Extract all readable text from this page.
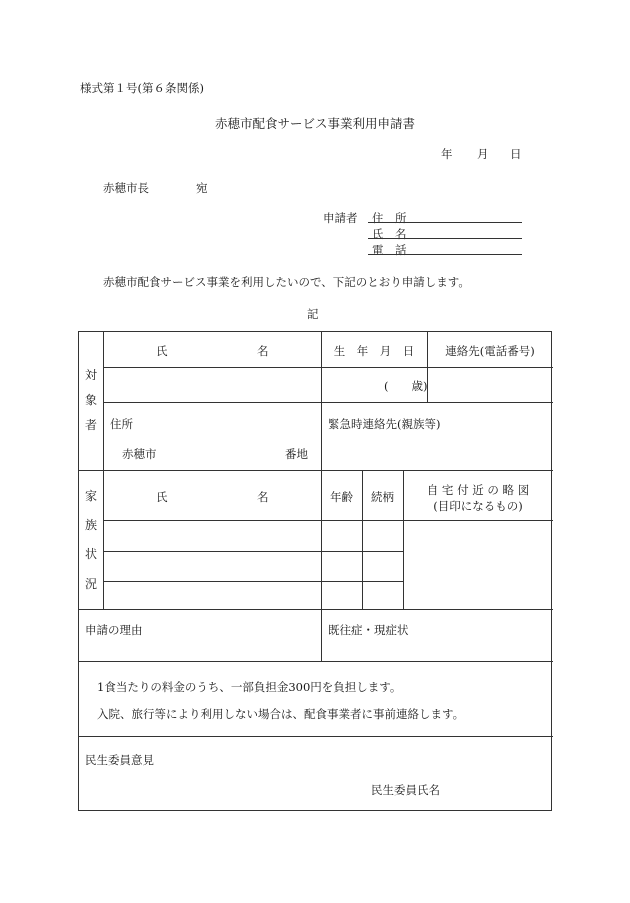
様式第１号(第６条関係)
赤穂市配食サービス事業利用申請書
年 月 日
赤穂市長	宛
申請者 住　所
氏　名
電　話
赤穂市配食サービス事業を利用したいので、下記のとおり申請します。
記
対
象
者
氏	名	生　年　月　日	連絡先(電話番号)
(　　歳)
住所
赤穂市	番地
緊急時連絡先(親族等)
家
族
状
況
氏	名	年齢	続柄	自 宅 付 近 の 略 図
(目印になるもの)
申請の理由	既往症・現症状
1食当たりの料金のうち、一部負担金300円を負担します。
入院、旅行等により利用しない場合は、配食事業者に事前連絡します。
民生委員意見
民生委員氏名
